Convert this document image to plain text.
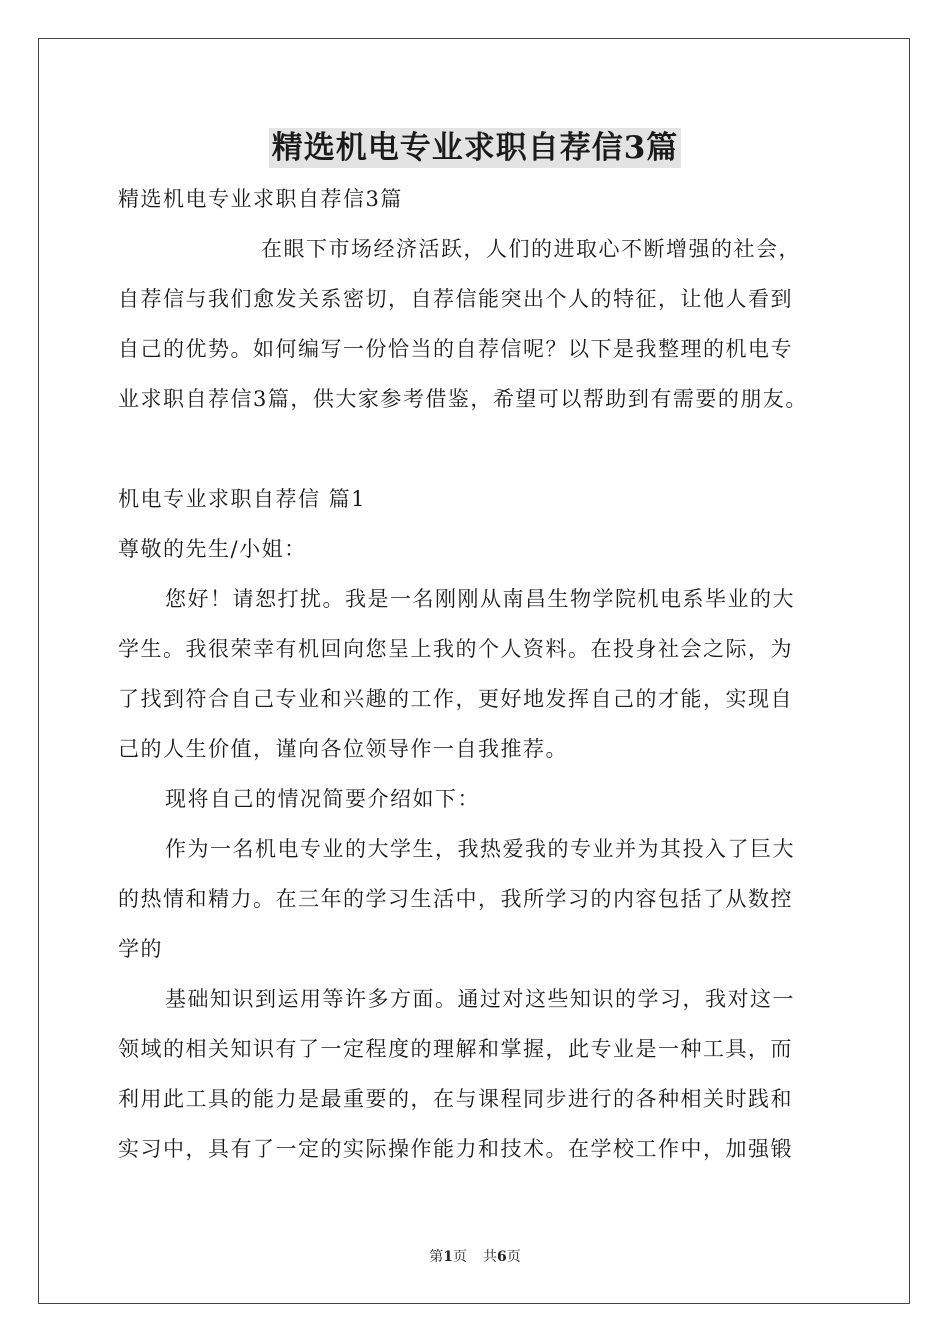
精选机电专业求职自荐信3篇
精选机电专业求职自荐信3篇
在眼下市场经济活跃，人们的进取心不断增强的社会，
自荐信与我们愈发关系密切，自荐信能突出个人的特征，让他人看到
自己的优势。如何编写一份恰当的自荐信呢？以下是我整理的机电专
业求职自荐信3篇，供大家参考借鉴，希望可以帮助到有需要的朋友。
机电专业求职自荐信 篇1
尊敬的先生/小姐：
您好！请恕打扰。我是一名刚刚从南昌生物学院机电系毕业的大
学生。我很荣幸有机回向您呈上我的个人资料。在投身社会之际，为
了找到符合自己专业和兴趣的工作，更好地发挥自己的才能，实现自
己的人生价值，谨向各位领导作一自我推荐。
现将自己的情况简要介绍如下：
作为一名机电专业的大学生，我热爱我的专业并为其投入了巨大
的热情和精力。在三年的学习生活中，我所学习的内容包括了从数控
学的
基础知识到运用等许多方面。通过对这些知识的学习，我对这一
领域的相关知识有了一定程度的理解和掌握，此专业是一种工具，而
利用此工具的能力是最重要的，在与课程同步进行的各种相关时践和
实习中，具有了一定的实际操作能力和技术。在学校工作中，加强锻
第1页 共6页
